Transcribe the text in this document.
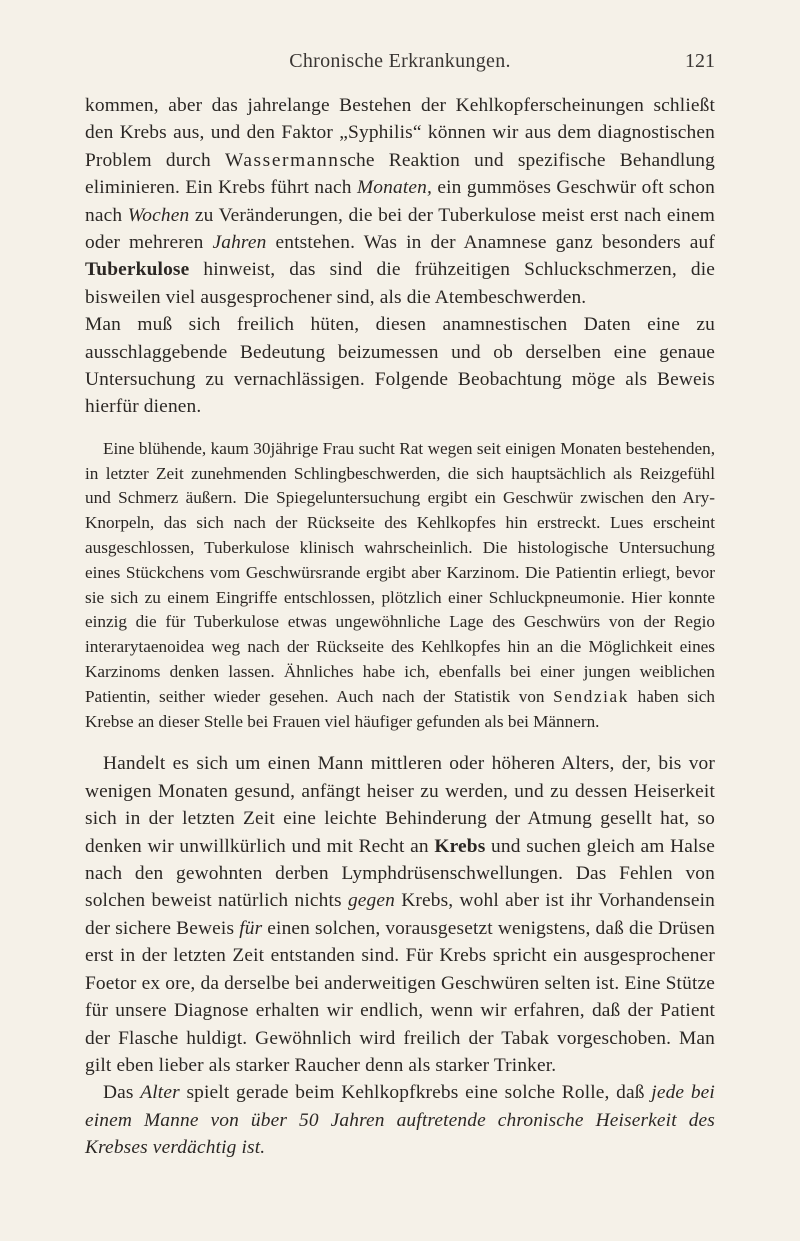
Chronische Erkrankungen.	121

kommen, aber das jahrelange Bestehen der Kehlkopferscheinungen schließt den Krebs aus, und den Faktor „Syphilis“ können wir aus dem diagnostischen Problem durch Wassermannsche Reaktion und spezifische Behandlung eliminieren. Ein Krebs führt nach Monaten, ein gummöses Geschwür oft schon nach Wochen zu Veränderungen, die bei der Tuberkulose meist erst nach einem oder mehreren Jahren entstehen. Was in der Anamnese ganz besonders auf Tuberkulose hinweist, das sind die frühzeitigen Schluckschmerzen, die bisweilen viel ausgesprochener sind, als die Atembeschwerden.

Man muß sich freilich hüten, diesen anamnestischen Daten eine zu ausschlaggebende Bedeutung beizumessen und ob derselben eine genaue Untersuchung zu vernachlässigen. Folgende Beobachtung möge als Beweis hierfür dienen.

Eine blühende, kaum 30jährige Frau sucht Rat wegen seit einigen Monaten bestehenden, in letzter Zeit zunehmenden Schlingbeschwerden, die sich hauptsächlich als Reizgefühl und Schmerz äußern. Die Spiegeluntersuchung ergibt ein Geschwür zwischen den Ary-Knorpeln, das sich nach der Rückseite des Kehlkopfes hin erstreckt. Lues erscheint ausgeschlossen, Tuberkulose klinisch wahrscheinlich. Die histologische Untersuchung eines Stückchens vom Geschwürsrande ergibt aber Karzinom. Die Patientin erliegt, bevor sie sich zu einem Eingriffe entschlossen, plötzlich einer Schluckpneumonie. Hier konnte einzig die für Tuberkulose etwas ungewöhnliche Lage des Geschwürs von der Regio interarytaenoidea weg nach der Rückseite des Kehlkopfes hin an die Möglichkeit eines Karzinoms denken lassen. Ähnliches habe ich, ebenfalls bei einer jungen weiblichen Patientin, seither wieder gesehen. Auch nach der Statistik von Sendziak haben sich Krebse an dieser Stelle bei Frauen viel häufiger gefunden als bei Männern.

Handelt es sich um einen Mann mittleren oder höheren Alters, der, bis vor wenigen Monaten gesund, anfängt heiser zu werden, und zu dessen Heiserkeit sich in der letzten Zeit eine leichte Behinderung der Atmung gesellt hat, so denken wir unwillkürlich und mit Recht an Krebs und suchen gleich am Halse nach den gewohnten derben Lymphdrüsenschwellungen. Das Fehlen von solchen beweist natürlich nichts gegen Krebs, wohl aber ist ihr Vorhandensein der sichere Beweis für einen solchen, vorausgesetzt wenigstens, daß die Drüsen erst in der letzten Zeit entstanden sind. Für Krebs spricht ein ausgesprochener Foetor ex ore, da derselbe bei anderweitigen Geschwüren selten ist. Eine Stütze für unsere Diagnose erhalten wir endlich, wenn wir erfahren, daß der Patient der Flasche huldigt. Gewöhnlich wird freilich der Tabak vorgeschoben. Man gilt eben lieber als starker Raucher denn als starker Trinker.

Das Alter spielt gerade beim Kehlkopfkrebs eine solche Rolle, daß jede bei einem Manne von über 50 Jahren auftretende chronische Heiserkeit des Krebses verdächtig ist.
